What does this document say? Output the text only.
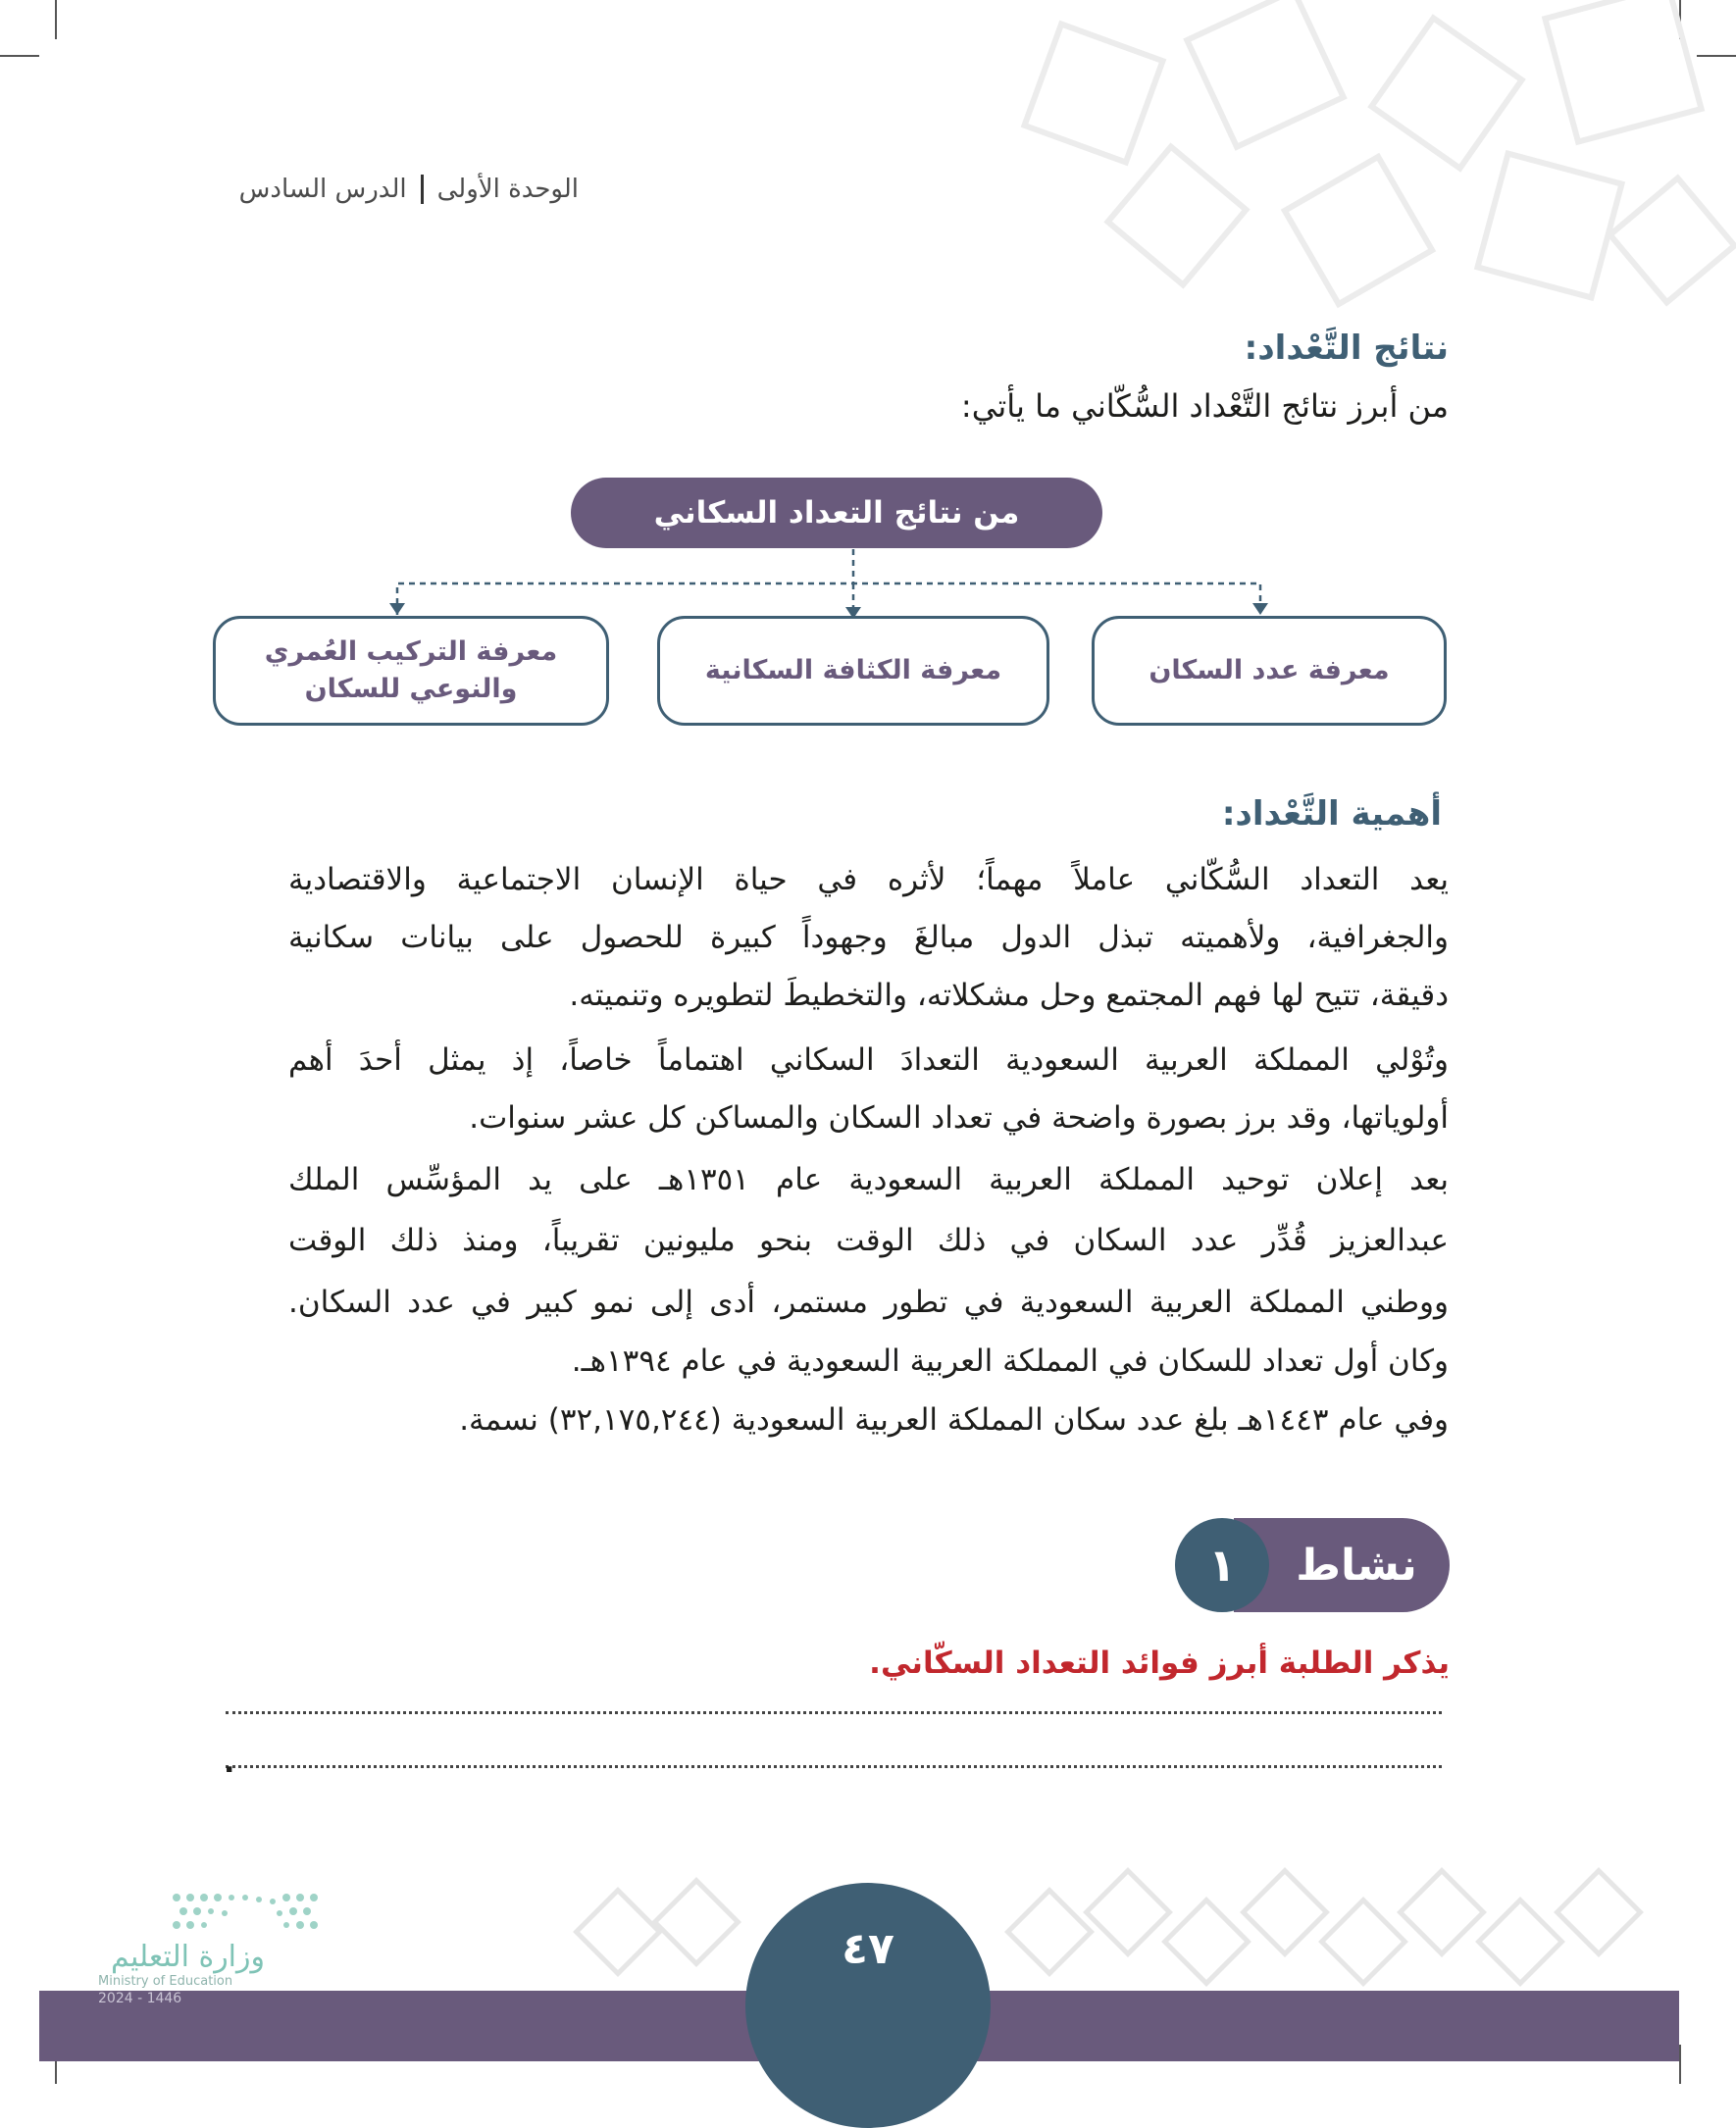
الوحدة الأولى
الدرس السادس
نتائج التَّعْداد:
من أبرز نتائج التَّعْداد السُّكّاني ما يأتي:
من نتائج التعداد السكاني
معرفة عدد السكان
معرفة الكثافة السكانية
معرفة التركيب العُمري
والنوعي للسكان
أهمية التَّعْداد:
يعد التعداد السُّكّاني عاملاً مهماً؛ لأثره في حياة الإنسان الاجتماعية والاقتصادية
والجغرافية، ولأهميته تبذل الدول مبالغَ وجهوداً كبيرة للحصول على بيانات سكانية
دقيقة، تتيح لها فهم المجتمع وحل مشكلاته، والتخطيطَ لتطويره وتنميته.
وتُوْلي المملكة العربية السعودية التعدادَ السكاني اهتماماً خاصاً، إذ يمثل أحدَ أهم
أولوياتها، وقد برز بصورة واضحة في تعداد السكان والمساكن كل عشر سنوات.
بعد إعلان توحيد المملكة العربية السعودية عام ١٣٥١هـ على يد المؤسِّس الملك
عبدالعزيز قُدِّر عدد السكان في ذلك الوقت بنحو مليونين تقريباً، ومنذ ذلك الوقت
ووطني المملكة العربية السعودية في تطور مستمر، أدى إلى نمو كبير في عدد السكان.
وكان أول تعداد للسكان في المملكة العربية السعودية في عام ١٣٩٤هـ.
وفي عام ١٤٤٣هـ بلغ عدد سكان المملكة العربية السعودية (٣٢,١٧٥,٢٤٤) نسمة.
نشاط
١
يذكر الطلبة أبرز فوائد التعداد السكّاني.
.
٤٧
وزارة التعليم
Ministry of Education
2024 - 1446
